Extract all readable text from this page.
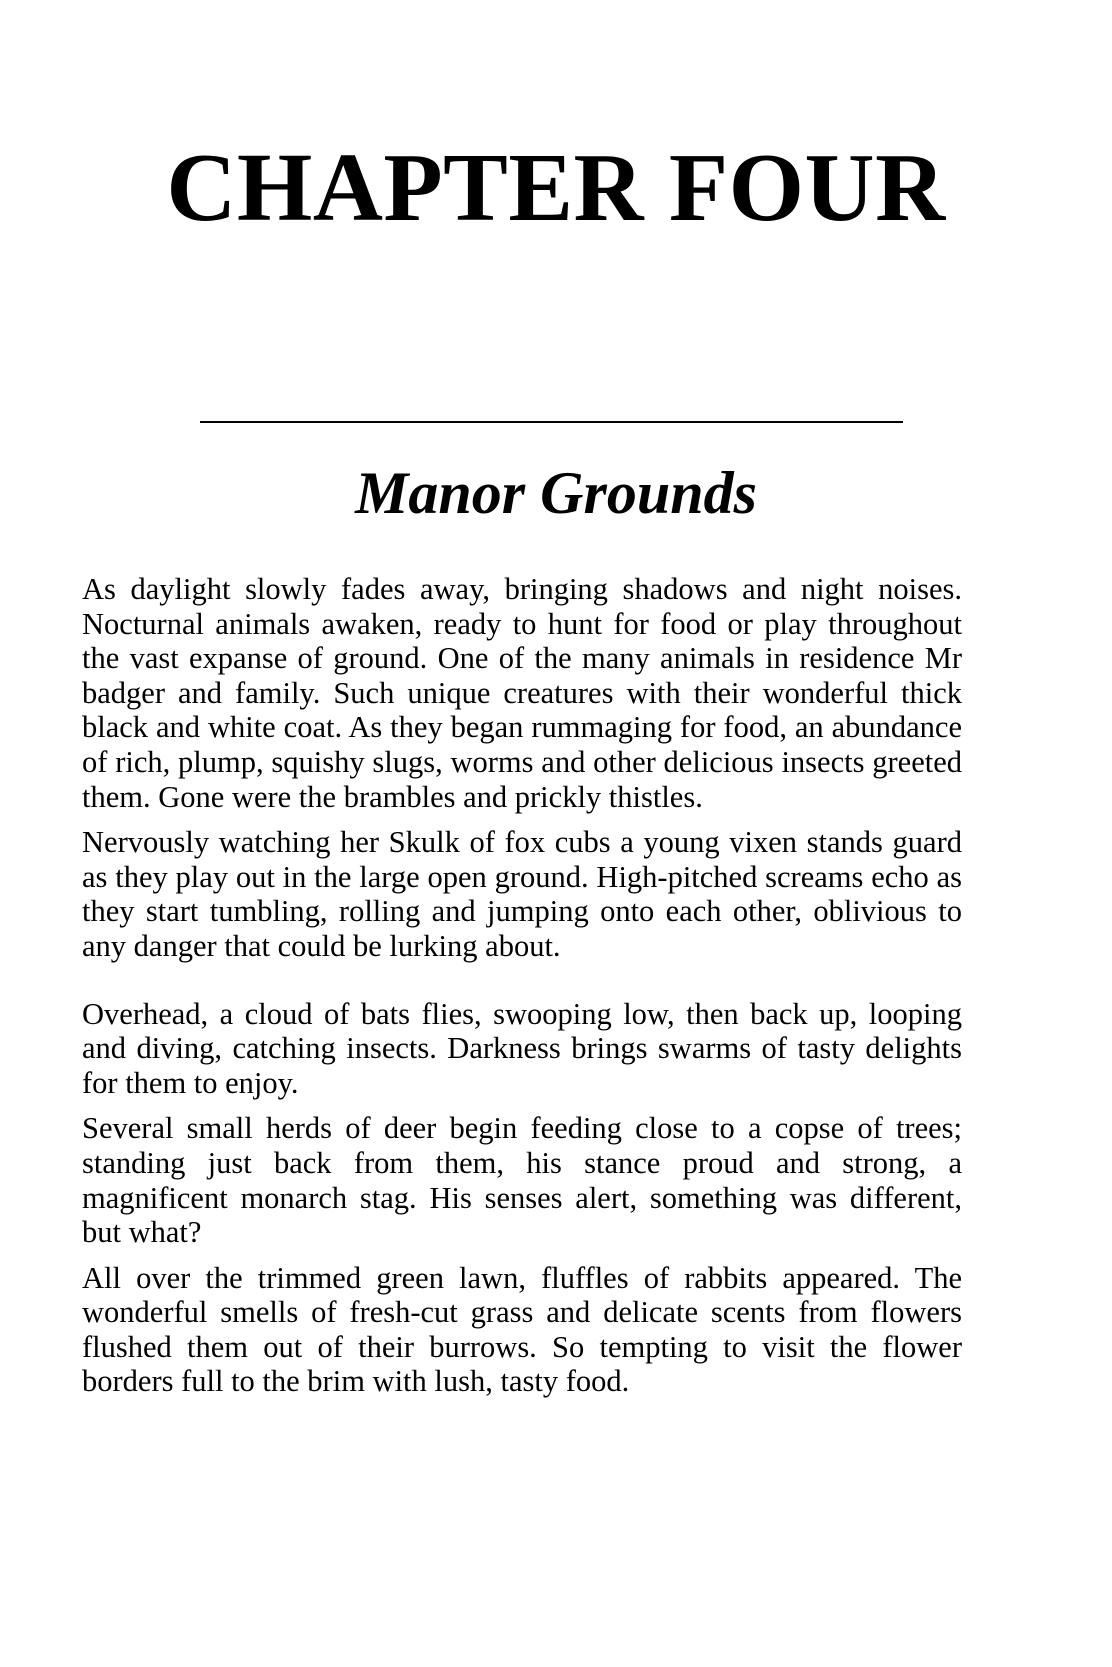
CHAPTER FOUR
Manor Grounds

As daylight slowly fades away, bringing shadows and night noises. Nocturnal animals awaken, ready to hunt for food or play throughout the vast expanse of ground. One of the many animals in residence Mr badger and family. Such unique creatures with their wonderful thick black and white coat. As they began rummaging for food, an abundance of rich, plump, squishy slugs, worms and other delicious insects greeted them. Gone were the brambles and prickly thistles.

Nervously watching her Skulk of fox cubs a young vixen stands guard as they play out in the large open ground. High-pitched screams echo as they start tumbling, rolling and jumping onto each other, oblivious to any danger that could be lurking about.

Overhead, a cloud of bats flies, swooping low, then back up, looping and diving, catching insects. Darkness brings swarms of tasty delights for them to enjoy.

Several small herds of deer begin feeding close to a copse of trees; standing just back from them, his stance proud and strong, a magnificent monarch stag. His senses alert, something was different, but what?

All over the trimmed green lawn, fluffles of rabbits appeared. The wonderful smells of fresh-cut grass and delicate scents from flowers flushed them out of their burrows. So tempting to visit the flower borders full to the brim with lush, tasty food.
